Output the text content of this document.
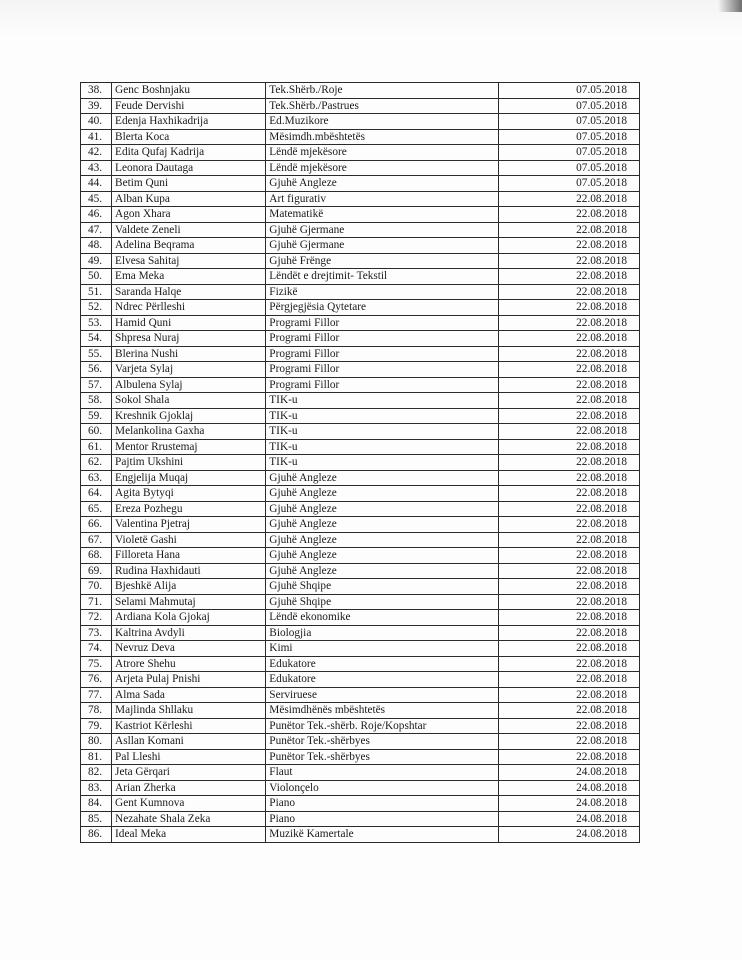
38.	Genc Boshnjaku	Tek.Shërb./Roje	07.05.2018
39.	Feude Dervishi	Tek.Shërb./Pastrues	07.05.2018
40.	Edenja Haxhikadrija	Ed.Muzikore	07.05.2018
41.	Blerta Koca	Mësimdh.mbështetës	07.05.2018
42.	Edita Qufaj Kadrija	Lëndë mjekësore	07.05.2018
43.	Leonora Dautaga	Lëndë mjekësore	07.05.2018
44.	Betim Quni	Gjuhë Angleze	07.05.2018
45.	Alban Kupa	Art figurativ	22.08.2018
46.	Agon Xhara	Matematikë	22.08.2018
47.	Valdete Zeneli	Gjuhë Gjermane	22.08.2018
48.	Adelina Beqrama	Gjuhë Gjermane	22.08.2018
49.	Elvesa Sahitaj	Gjuhë Frënge	22.08.2018
50.	Ema Meka	Lëndët e drejtimit- Tekstil	22.08.2018
51.	Saranda Halqe	Fizikë	22.08.2018
52.	Ndrec Përlleshi	Përgjegjësia Qytetare	22.08.2018
53.	Hamid Quni	Programi Fillor	22.08.2018
54.	Shpresa Nuraj	Programi Fillor	22.08.2018
55.	Blerina Nushi	Programi Fillor	22.08.2018
56.	Varjeta Sylaj	Programi Fillor	22.08.2018
57.	Albulena Sylaj	Programi Fillor	22.08.2018
58.	Sokol Shala	TIK-u	22.08.2018
59.	Kreshnik Gjoklaj	TIK-u	22.08.2018
60.	Melankolina Gaxha	TIK-u	22.08.2018
61.	Mentor Rrustemaj	TIK-u	22.08.2018
62.	Pajtim Ukshini	TIK-u	22.08.2018
63.	Engjelija Muqaj	Gjuhë Angleze	22.08.2018
64.	Agita Bytyqi	Gjuhë Angleze	22.08.2018
65.	Ereza Pozhegu	Gjuhë Angleze	22.08.2018
66.	Valentina Pjetraj	Gjuhë Angleze	22.08.2018
67.	Violetë Gashi	Gjuhë Angleze	22.08.2018
68.	Filloreta Hana	Gjuhë Angleze	22.08.2018
69.	Rudina Haxhidauti	Gjuhë Angleze	22.08.2018
70.	Bjeshkë Alija	Gjuhë Shqipe	22.08.2018
71.	Selami Mahmutaj	Gjuhë Shqipe	22.08.2018
72.	Ardiana Kola Gjokaj	Lëndë ekonomike	22.08.2018
73.	Kaltrina Avdyli	Biologjia	22.08.2018
74.	Nevruz Deva	Kimi	22.08.2018
75.	Atrore Shehu	Edukatore	22.08.2018
76.	Arjeta Pulaj Pnishi	Edukatore	22.08.2018
77.	Alma Sada	Serviruese	22.08.2018
78.	Majlinda Shllaku	Mësimdhënës mbështetës	22.08.2018
79.	Kastriot Kërleshi	Punëtor Tek.-shërb. Roje/Kopshtar	22.08.2018
80.	Asllan Komani	Punëtor Tek.-shërbyes	22.08.2018
81.	Pal Lleshi	Punëtor Tek.-shërbyes	22.08.2018
82.	Jeta Gërqari	Flaut	24.08.2018
83.	Arian Zherka	Violonçelo	24.08.2018
84.	Gent Kumnova	Piano	24.08.2018
85.	Nezahate Shala Zeka	Piano	24.08.2018
86.	Ideal Meka	Muzikë Kamertale	24.08.2018
